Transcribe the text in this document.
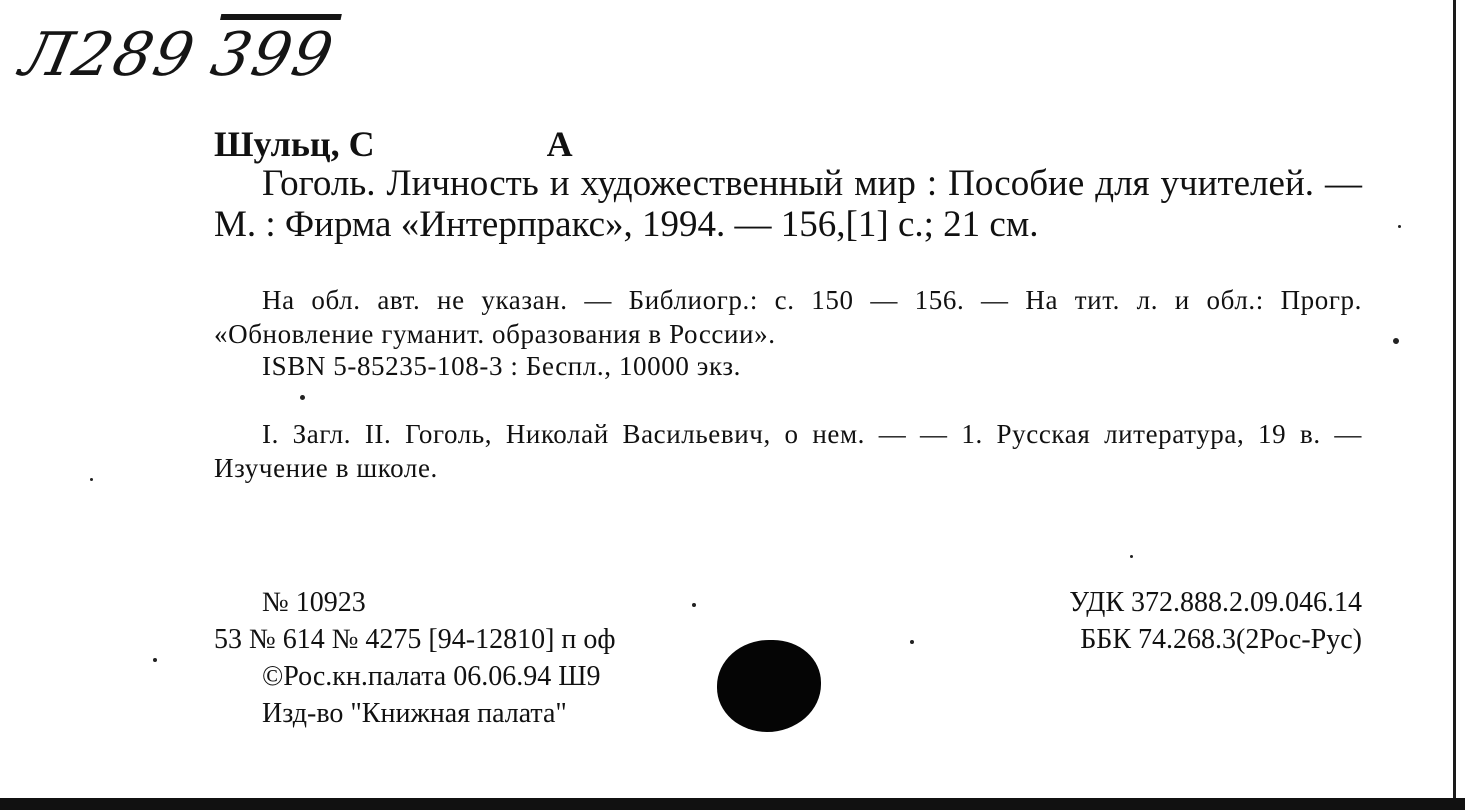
Л289399
Шульц, С	А
Гоголь. Личность и художественный мир : Пособие для учителей. — М. : Фирма «Интерпракс», 1994. — 156,[1] с.; 21 см.
На обл. авт. не указан. — Библиогр.: с. 150 — 156. — На тит. л. и обл.: Прогр. «Обновление гуманит. образования в России».
ISBN 5-85235-108-3 : Беспл., 10000 экз.
I. Загл. II. Гоголь, Николай Васильевич, о нем. — — 1. Русская литература, 19 в. — Изучение в школе.
№ 10923
53 № 614 № 4275 [94-12810] п оф
©Рос.кн.палата 06.06.94 Ш9
Изд-во "Книжная палата"
УДК 372.888.2.09.046.14
ББК 74.268.3(2Рос-Рус)
